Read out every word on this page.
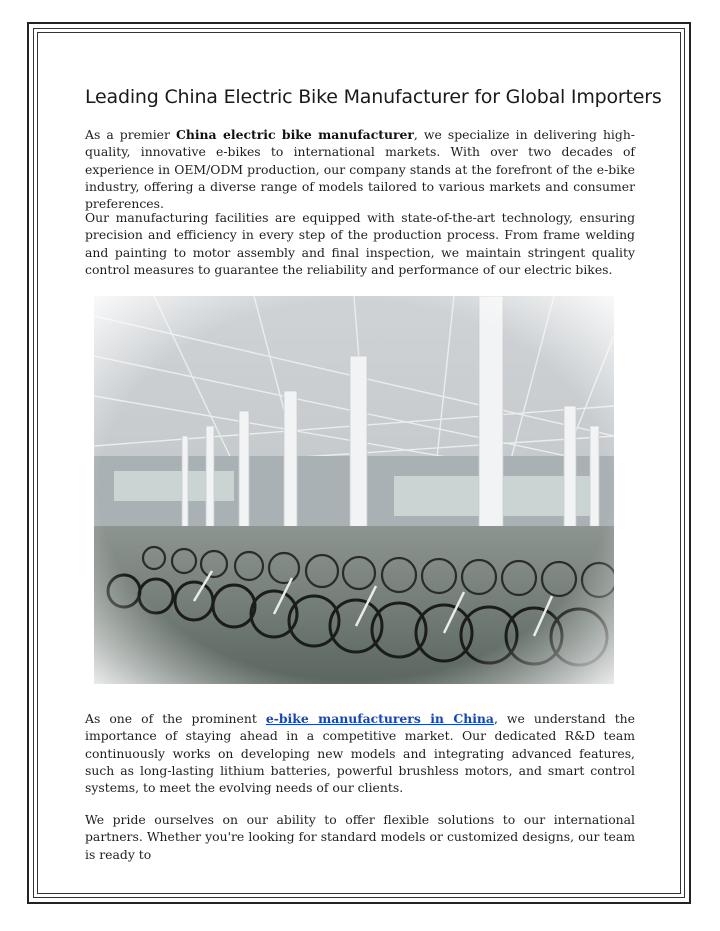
Leading China Electric Bike Manufacturer for Global Importers
As a premier China electric bike manufacturer, we specialize in delivering high-quality, innovative e-bikes to international markets. With over two decades of experience in OEM/ODM production, our company stands at the forefront of the e-bike industry, offering a diverse range of models tailored to various markets and consumer preferences.
Our manufacturing facilities are equipped with state-of-the-art technology, ensuring precision and efficiency in every step of the production process. From frame welding and painting to motor assembly and final inspection, we maintain stringent quality control measures to guarantee the reliability and performance of our electric bikes.
As one of the prominent e-bike manufacturers in China, we understand the importance of staying ahead in a competitive market. Our dedicated R&D team continuously works on developing new models and integrating advanced features, such as long-lasting lithium batteries, powerful brushless motors, and smart control systems, to meet the evolving needs of our clients.
We pride ourselves on our ability to offer flexible solutions to our international partners. Whether you're looking for standard models or customized designs, our team is ready to
